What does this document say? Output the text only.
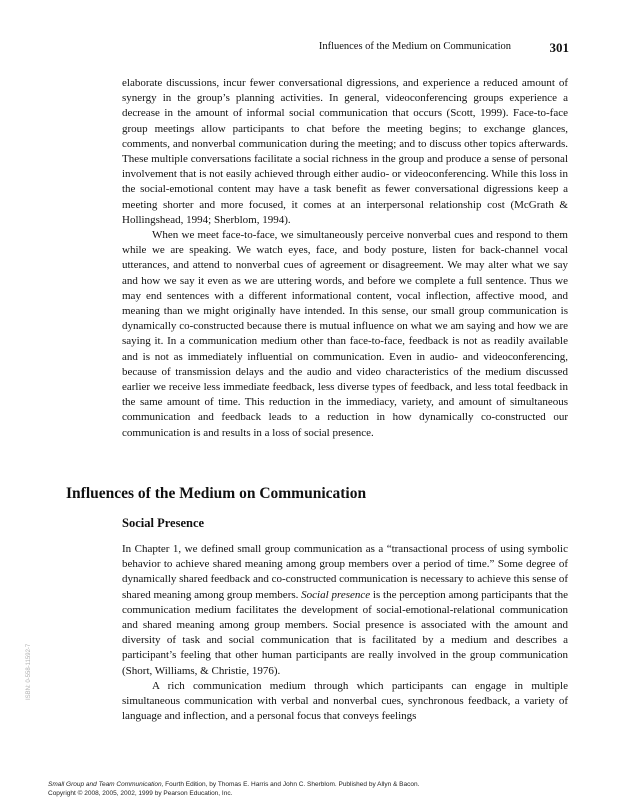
Influences of the Medium on Communication	301

elaborate discussions, incur fewer conversational digressions, and experience a reduced amount of synergy in the group’s planning activities. In general, videoconferencing groups experience a decrease in the amount of informal social communication that occurs (Scott, 1999). Face-to-face group meetings allow participants to chat before the meeting begins; to exchange glances, comments, and nonverbal communication during the meeting; and to discuss other topics afterwards. These multiple conversations facilitate a social richness in the group and produce a sense of personal involvement that is not easily achieved through either audio- or videoconferencing. While this loss in the social-emotional content may have a task benefit as fewer conversational digressions keep a meeting shorter and more focused, it comes at an interpersonal relationship cost (McGrath & Hollingshead, 1994; Sherblom, 1994).

When we meet face-to-face, we simultaneously perceive nonverbal cues and respond to them while we are speaking. We watch eyes, face, and body posture, listen for back-channel vocal utterances, and attend to nonverbal cues of agreement or disagreement. We may alter what we say and how we say it even as we are uttering words, and before we complete a full sentence. Thus we may end sentences with a different informational content, vocal inflection, affective mood, and meaning than we might originally have intended. In this sense, our small group communication is dynamically co-constructed because there is mutual influence on what we am saying and how we are saying it. In a communication medium other than face-to-face, feedback is not as readily available and is not as immediately influential on communication. Even in audio- and videoconferencing, because of transmission delays and the audio and video characteristics of the medium discussed earlier we receive less immediate feedback, less diverse types of feedback, and less total feedback in the same amount of time. This reduction in the immediacy, variety, and amount of simultaneous communication and feedback leads to a reduction in how dynamically co-constructed our communication is and results in a loss of social presence.

Influences of the Medium on Communication
Social Presence

In Chapter 1, we defined small group communication as a “transactional process of using symbolic behavior to achieve shared meaning among group members over a period of time.” Some degree of dynamically shared feedback and co-constructed communication is necessary to achieve this sense of shared meaning among group members. Social presence is the perception among participants that the communication medium facilitates the development of social-emotional-relational communication and shared meaning among group members. Social presence is associated with the amount and diversity of task and social communication that is facilitated by a medium and describes a participant’s feeling that other human participants are really involved in the group communication (Short, Williams, & Christie, 1976).

A rich communication medium through which participants can engage in multiple simultaneous communication with verbal and nonverbal cues, synchronous feedback, a variety of language and inflection, and a personal focus that conveys feelings

ISBN: 0-558-11592-7
Small Group and Team Communication, Fourth Edition, by Thomas E. Harris and John C. Sherblom. Published by Allyn & Bacon.
Copyright © 2008, 2005, 2002, 1999 by Pearson Education, Inc.
